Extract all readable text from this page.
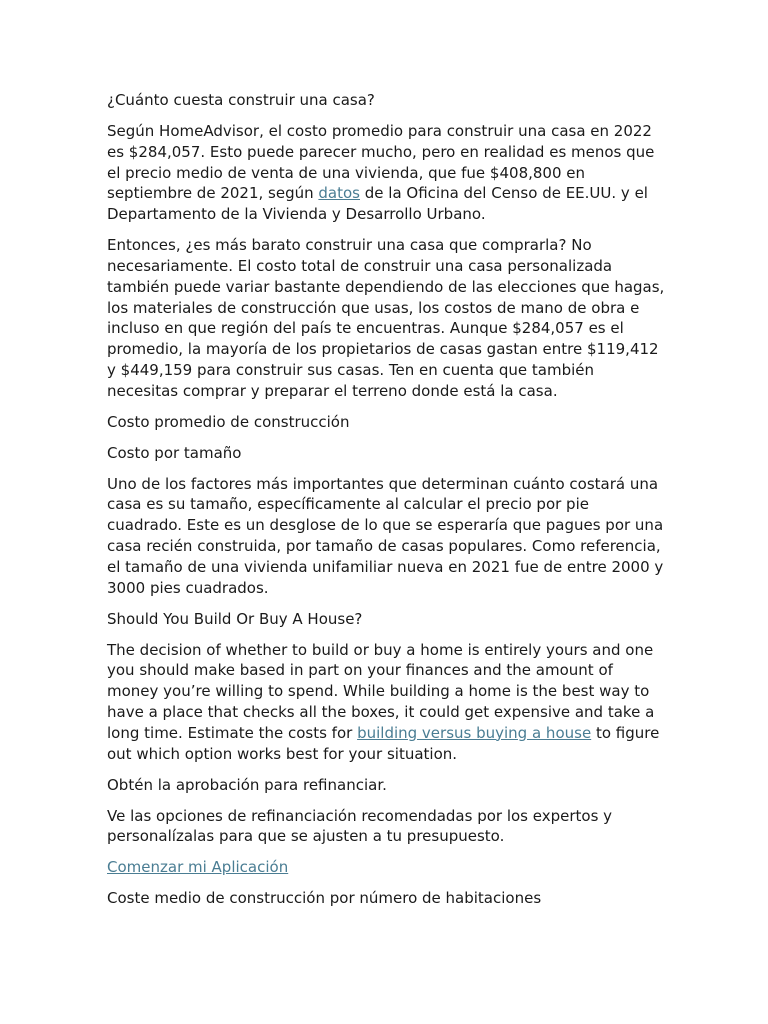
¿Cuánto cuesta construir una casa?

Según HomeAdvisor, el costo promedio para construir una casa en 2022 es $284,057. Esto puede parecer mucho, pero en realidad es menos que el precio medio de venta de una vivienda, que fue $408,800 en septiembre de 2021, según datos de la Oficina del Censo de EE.UU. y el Departamento de la Vivienda y Desarrollo Urbano.

Entonces, ¿es más barato construir una casa que comprarla? No necesariamente. El costo total de construir una casa personalizada también puede variar bastante dependiendo de las elecciones que hagas, los materiales de construcción que usas, los costos de mano de obra e incluso en que región del país te encuentras. Aunque $284,057 es el promedio, la mayoría de los propietarios de casas gastan entre $119,412 y $449,159 para construir sus casas. Ten en cuenta que también necesitas comprar y preparar el terreno donde está la casa.

Costo promedio de construcción

Costo por tamaño

Uno de los factores más importantes que determinan cuánto costará una casa es su tamaño, específicamente al calcular el precio por pie cuadrado. Este es un desglose de lo que se esperaría que pagues por una casa recién construida, por tamaño de casas populares. Como referencia, el tamaño de una vivienda unifamiliar nueva en 2021 fue de entre 2000 y 3000 pies cuadrados.

Should You Build Or Buy A House?

The decision of whether to build or buy a home is entirely yours and one you should make based in part on your finances and the amount of money you’re willing to spend. While building a home is the best way to have a place that checks all the boxes, it could get expensive and take a long time. Estimate the costs for building versus buying a house to figure out which option works best for your situation.

Obtén la aprobación para refinanciar.

Ve las opciones de refinanciación recomendadas por los expertos y personalízalas para que se ajusten a tu presupuesto.

Comenzar mi Aplicación

Coste medio de construcción por número de habitaciones
